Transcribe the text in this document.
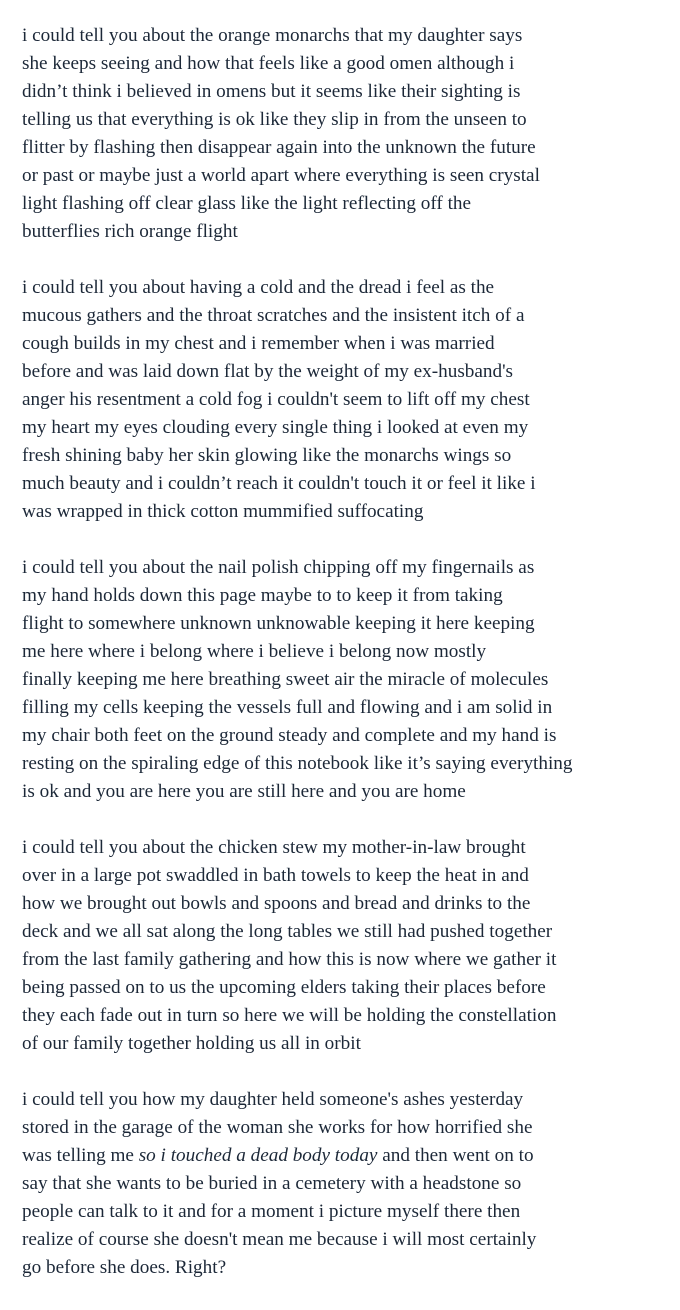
i could tell you about the orange monarchs that my daughter says
she keeps seeing and how that feels like a good omen although i
didn’t think i believed in omens but it seems like their sighting is
telling us that everything is ok like they slip in from the unseen to
flitter by flashing then disappear again into the unknown the future
or past or maybe just a world apart where everything is seen crystal
light flashing off clear glass like the light reflecting off the
butterflies rich orange flight
i could tell you about having a cold and the dread i feel as the
mucous gathers and the throat scratches and the insistent itch of a
cough builds in my chest and i remember when i was married
before and was laid down flat by the weight of my ex-husband's
anger his resentment a cold fog i couldn't seem to lift off my chest
my heart my eyes clouding every single thing i looked at even my
fresh shining baby her skin glowing like the monarchs wings so
much beauty and i couldn’t reach it couldn't touch it or feel it like i
was wrapped in thick cotton mummified suffocating
i could tell you about the nail polish chipping off my fingernails as
my hand holds down this page maybe to to keep it from taking
flight to somewhere unknown unknowable keeping it here keeping
me here where i belong where i believe i belong now mostly
finally keeping me here breathing sweet air the miracle of molecules
filling my cells keeping the vessels full and flowing and i am solid in
my chair both feet on the ground steady and complete and my hand is
resting on the spiraling edge of this notebook like it’s saying everything
is ok and you are here you are still here and you are home
i could tell you about the chicken stew my mother-in-law brought
over in a large pot swaddled in bath towels to keep the heat in and
how we brought out bowls and spoons and bread and drinks to the
deck and we all sat along the long tables we still had pushed together
from the last family gathering and how this is now where we gather it
being passed on to us the upcoming elders taking their places before
they each fade out in turn so here we will be holding the constellation
of our family together holding us all in orbit
i could tell you how my daughter held someone's ashes yesterday
stored in the garage of the woman she works for how horrified she
was telling me so i touched a dead body today and then went on to
say that she wants to be buried in a cemetery with a headstone so
people can talk to it and for a moment i picture myself there then
realize of course she doesn't mean me because i will most certainly
go before she does. Right?
